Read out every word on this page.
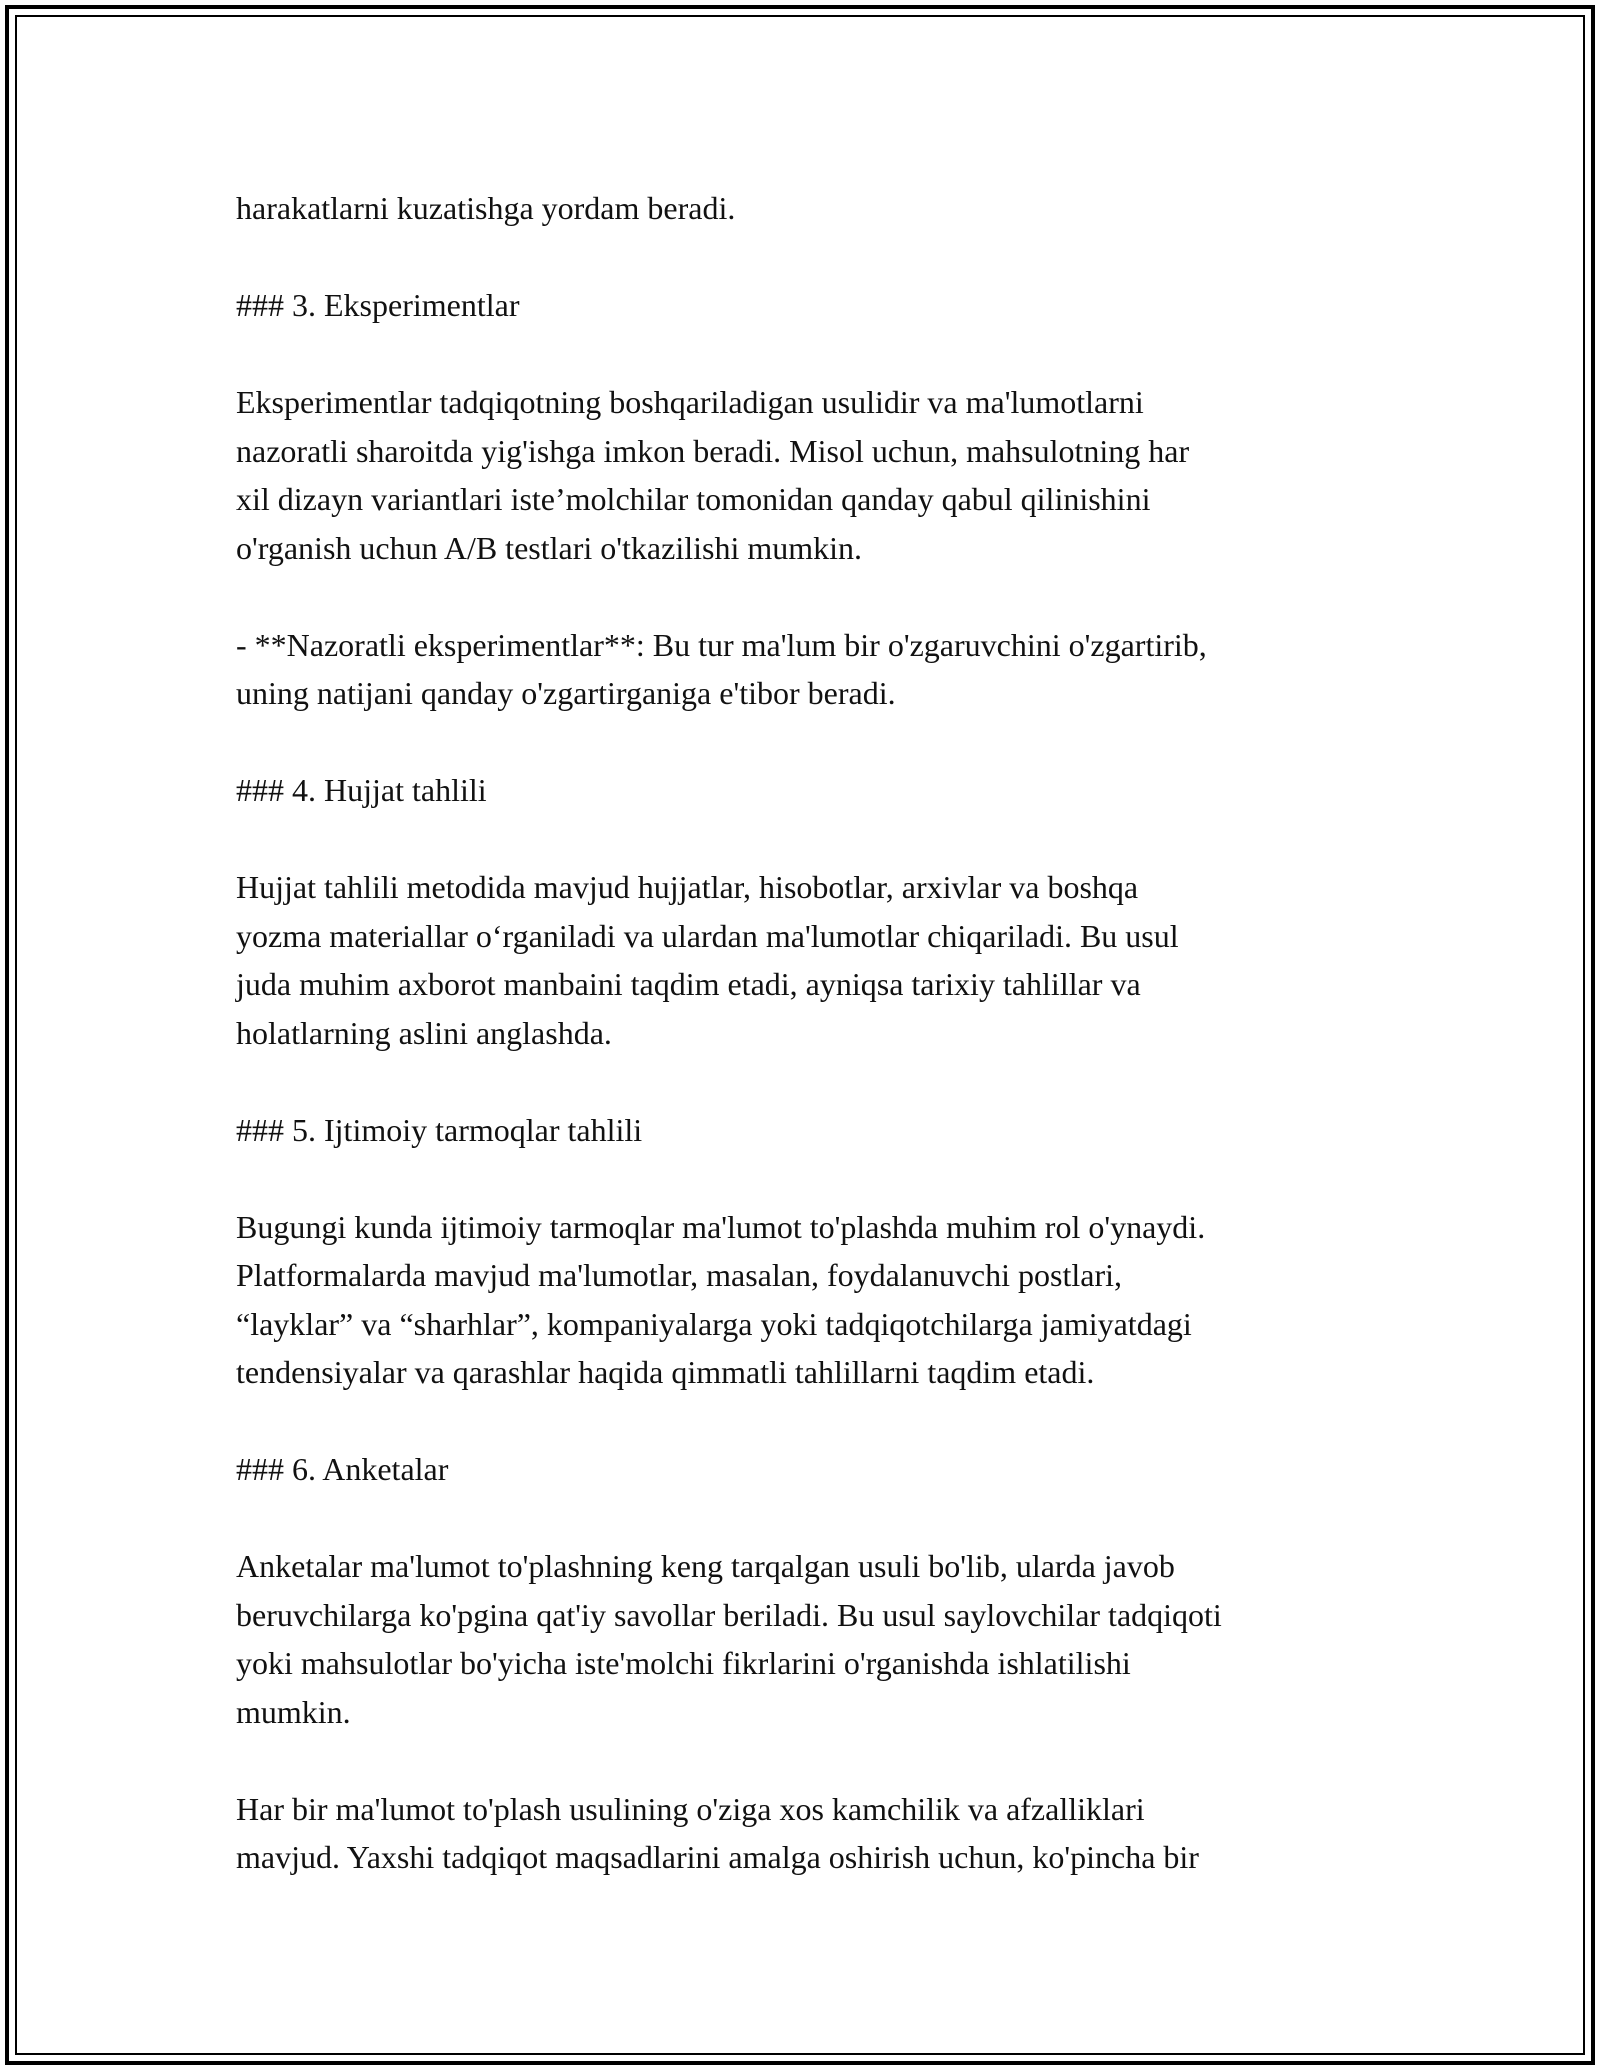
harakatlarni kuzatishga yordam beradi.
### 3. Eksperimentlar
Eksperimentlar tadqiqotning boshqariladigan usulidir va ma'lumotlarni
nazoratli sharoitda yig'ishga imkon beradi. Misol uchun, mahsulotning har
xil dizayn variantlari iste’molchilar tomonidan qanday qabul qilinishini
o'rganish uchun A/B testlari o'tkazilishi mumkin.
- **Nazoratli eksperimentlar**: Bu tur ma'lum bir o'zgaruvchini o'zgartirib,
uning natijani qanday o'zgartirganiga e'tibor beradi.
### 4. Hujjat tahlili
Hujjat tahlili metodida mavjud hujjatlar, hisobotlar, arxivlar va boshqa
yozma materiallar o‘rganiladi va ulardan ma'lumotlar chiqariladi. Bu usul
juda muhim axborot manbaini taqdim etadi, ayniqsa tarixiy tahlillar va
holatlarning aslini anglashda.
### 5. Ijtimoiy tarmoqlar tahlili
Bugungi kunda ijtimoiy tarmoqlar ma'lumot to'plashda muhim rol o'ynaydi.
Platformalarda mavjud ma'lumotlar, masalan, foydalanuvchi postlari,
“layklar” va “sharhlar”, kompaniyalarga yoki tadqiqotchilarga jamiyatdagi
tendensiyalar va qarashlar haqida qimmatli tahlillarni taqdim etadi.
### 6. Anketalar
Anketalar ma'lumot to'plashning keng tarqalgan usuli bo'lib, ularda javob
beruvchilarga ko'pgina qat'iy savollar beriladi. Bu usul saylovchilar tadqiqoti
yoki mahsulotlar bo'yicha iste'molchi fikrlarini o'rganishda ishlatilishi
mumkin.
Har bir ma'lumot to'plash usulining o'ziga xos kamchilik va afzalliklari
mavjud. Yaxshi tadqiqot maqsadlarini amalga oshirish uchun, ko'pincha bir
